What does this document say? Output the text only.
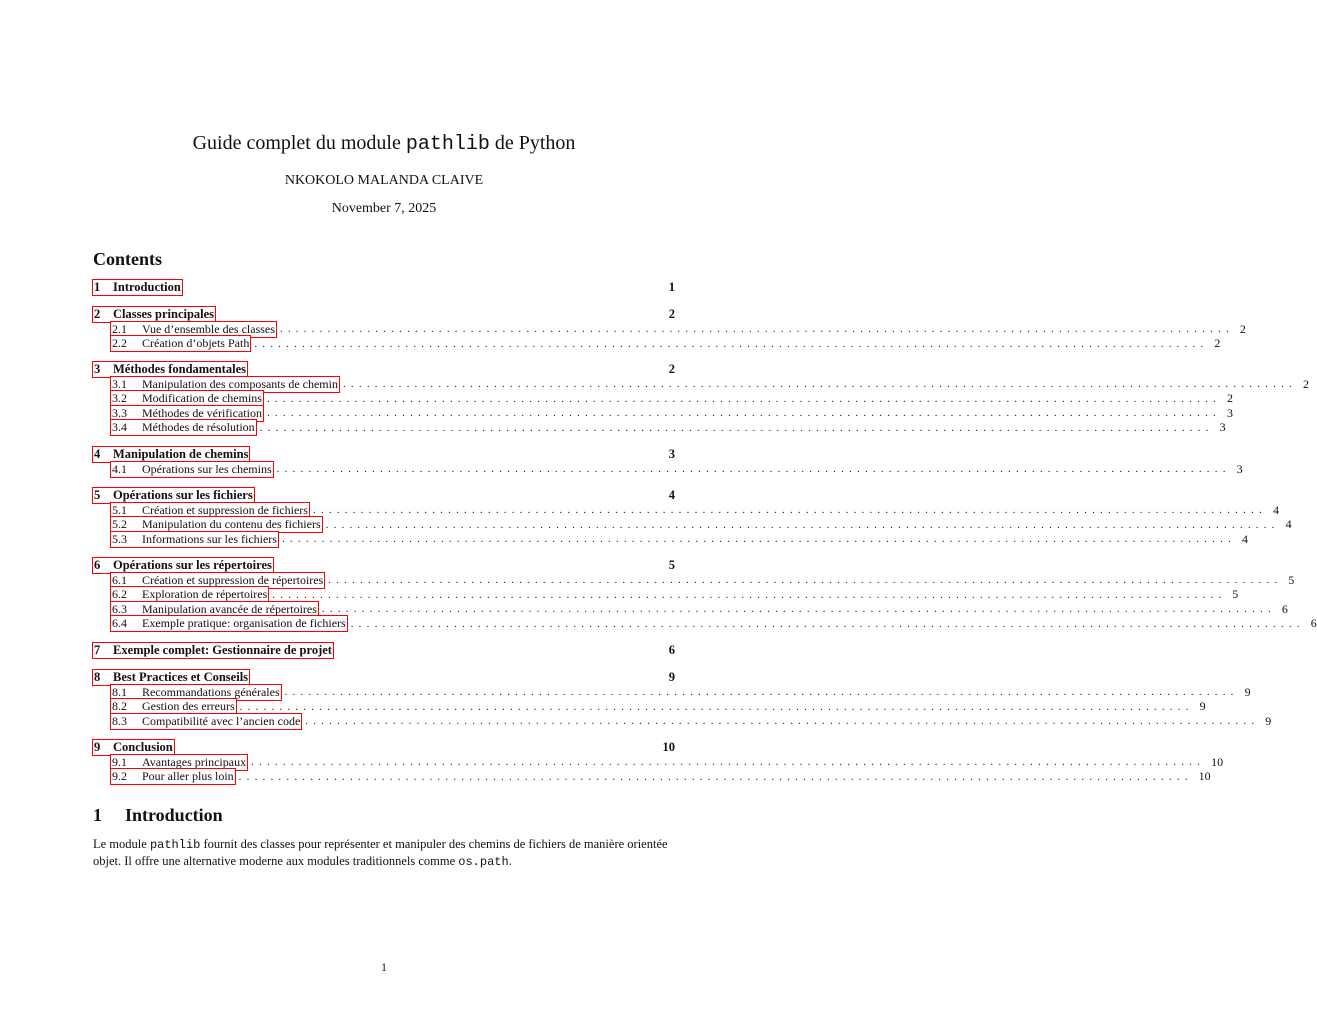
Guide complet du module pathlib de Python
NKOKOLO MALANDA CLAIVE
November 7, 2025
Contents
1	Introduction	1
2	Classes principales	2
2.1	Vue d’ensemble des classes ........................................................................................................................ 2
2.2	Création d’objets Path ........................................................................................................................ 2
3	Méthodes fondamentales	2
3.1	Manipulation des composants de chemin ........................................................................................................................ 2
3.2	Modification de chemins ........................................................................................................................ 2
3.3	Méthodes de vérification ........................................................................................................................ 3
3.4	Méthodes de résolution ........................................................................................................................ 3
4	Manipulation de chemins	3
4.1	Opérations sur les chemins ........................................................................................................................ 3
5	Opérations sur les fichiers	4
5.1	Création et suppression de fichiers ........................................................................................................................ 4
5.2	Manipulation du contenu des fichiers ........................................................................................................................ 4
5.3	Informations sur les fichiers ........................................................................................................................ 4
6	Opérations sur les répertoires	5
6.1	Création et suppression de répertoires ........................................................................................................................ 5
6.2	Exploration de répertoires ........................................................................................................................ 5
6.3	Manipulation avancée de répertoires ........................................................................................................................ 6
6.4	Exemple pratique: organisation de fichiers ........................................................................................................................ 6
7	Exemple complet: Gestionnaire de projet	6
8	Best Practices et Conseils	9
8.1	Recommandations générales ........................................................................................................................ 9
8.2	Gestion des erreurs ........................................................................................................................ 9
8.3	Compatibilité avec l’ancien code ........................................................................................................................ 9
9	Conclusion	10
9.1	Avantages principaux ........................................................................................................................ 10
9.2	Pour aller plus loin ........................................................................................................................ 10
1 Introduction
Le module pathlib fournit des classes pour représenter et manipuler des chemins de fichiers de manière orientée objet. Il offre une alternative moderne aux modules traditionnels comme os.path.
1
